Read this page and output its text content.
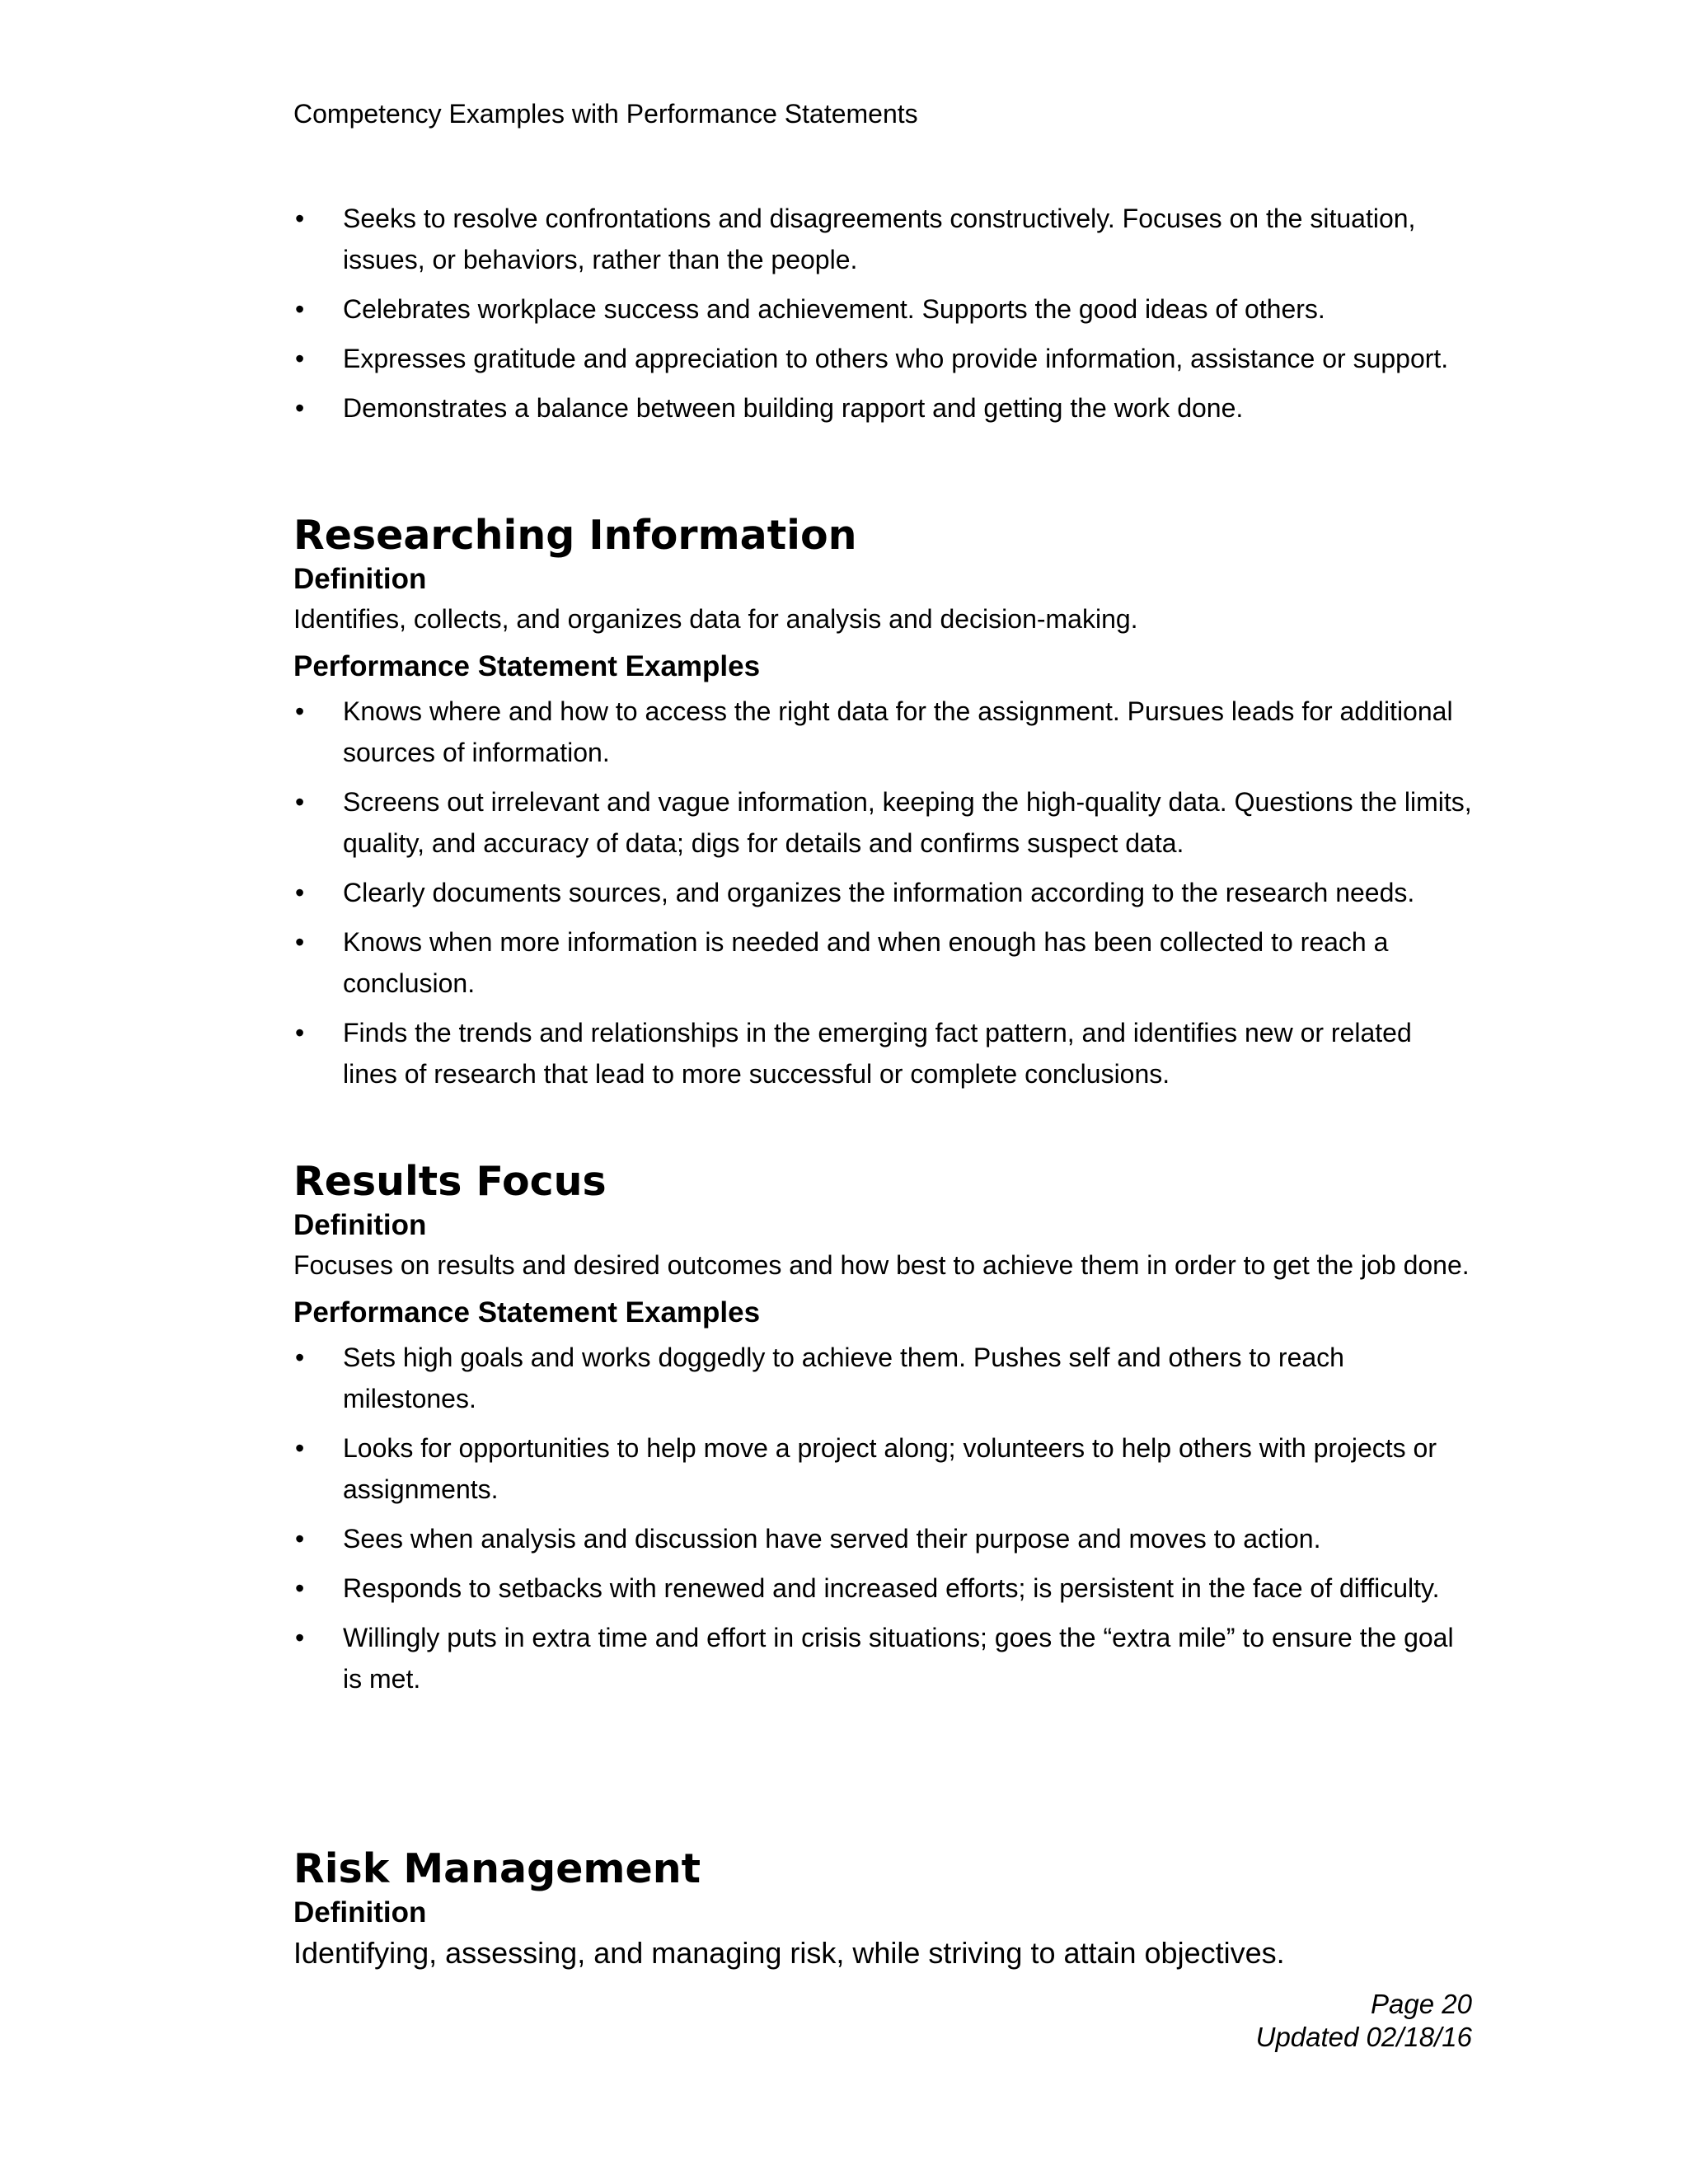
Competency Examples with Performance Statements
•	Seeks to resolve confrontations and disagreements constructively. Focuses on the situation, issues, or behaviors, rather than the people.
•	Celebrates workplace success and achievement. Supports the good ideas of others.
•	Expresses gratitude and appreciation to others who provide information, assistance or support.
•	Demonstrates a balance between building rapport and getting the work done.
Researching Information
Definition

Identifies, collects, and organizes data for analysis and decision-making.

Performance Statement Examples
•	Knows where and how to access the right data for the assignment. Pursues leads for additional sources of information.
•	Screens out irrelevant and vague information, keeping the high-quality data. Questions the limits, quality, and accuracy of data; digs for details and confirms suspect data.
•	Clearly documents sources, and organizes the information according to the research needs.
•	Knows when more information is needed and when enough has been collected to reach a conclusion.
•	Finds the trends and relationships in the emerging fact pattern, and identifies new or related lines of research that lead to more successful or complete conclusions.
Results Focus
Definition

Focuses on results and desired outcomes and how best to achieve them in order to get the job done.

Performance Statement Examples
•	Sets high goals and works doggedly to achieve them. Pushes self and others to reach milestones.
•	Looks for opportunities to help move a project along; volunteers to help others with projects or assignments.
•	Sees when analysis and discussion have served their purpose and moves to action.
•	Responds to setbacks with renewed and increased efforts; is persistent in the face of difficulty.
•	Willingly puts in extra time and effort in crisis situations; goes the “extra mile” to ensure the goal is met.
Risk Management
Definition

Identifying, assessing, and managing risk, while striving to attain objectives.

Page 20
Updated 02/18/16
